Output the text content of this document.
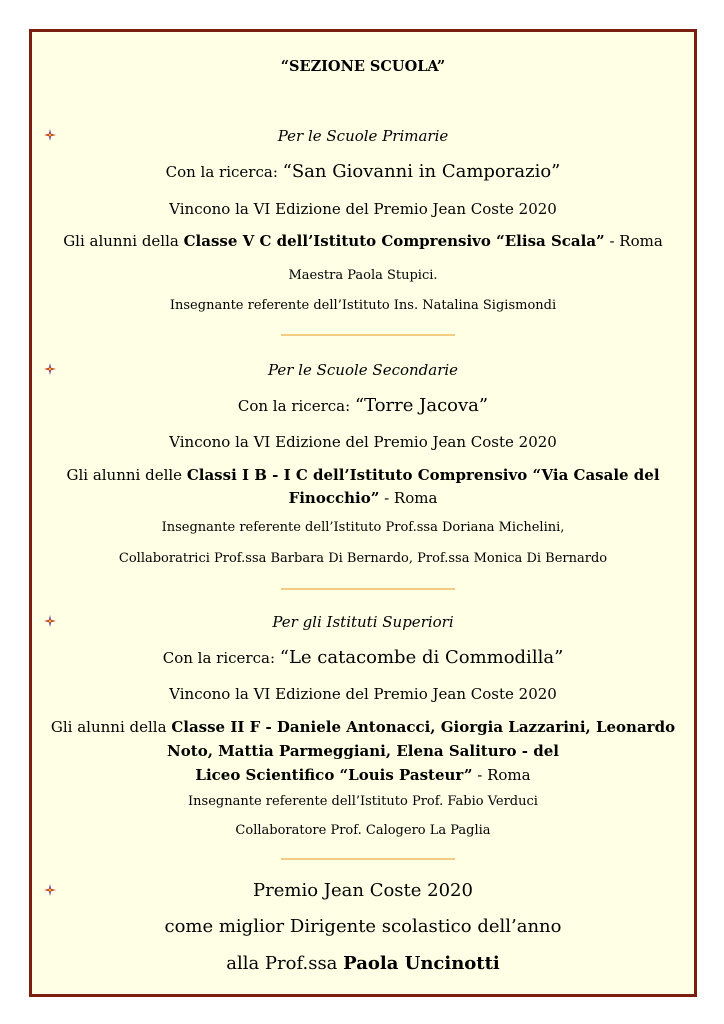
“SEZIONE SCUOLA”
Per le Scuole Primarie
Con la ricerca: “San Giovanni in Camporazio”
Vincono la VI Edizione del Premio Jean Coste 2020
Gli alunni della Classe V C dell’Istituto Comprensivo “Elisa Scala” - Roma
Maestra Paola Stupici.
Insegnante referente dell’Istituto Ins. Natalina Sigismondi
Per le Scuole Secondarie
Con la ricerca: “Torre Jacova”
Vincono la VI Edizione del Premio Jean Coste 2020
Gli alunni delle Classi I B - I C dell’Istituto Comprensivo “Via Casale del
Finocchio” - Roma
Insegnante referente dell’Istituto Prof.ssa Doriana Michelini,
Collaboratrici Prof.ssa Barbara Di Bernardo, Prof.ssa Monica Di Bernardo
Per gli Istituti Superiori
Con la ricerca: “Le catacombe di Commodilla”
Vincono la VI Edizione del Premio Jean Coste 2020
Gli alunni della Classe II F - Daniele Antonacci, Giorgia Lazzarini, Leonardo
Noto, Mattia Parmeggiani, Elena Salituro - del
Liceo Scientifico “Louis Pasteur” - Roma
Insegnante referente dell’Istituto Prof. Fabio Verduci
Collaboratore Prof. Calogero La Paglia
Premio Jean Coste 2020
come miglior Dirigente scolastico dell’anno
alla Prof.ssa Paola Uncinotti
